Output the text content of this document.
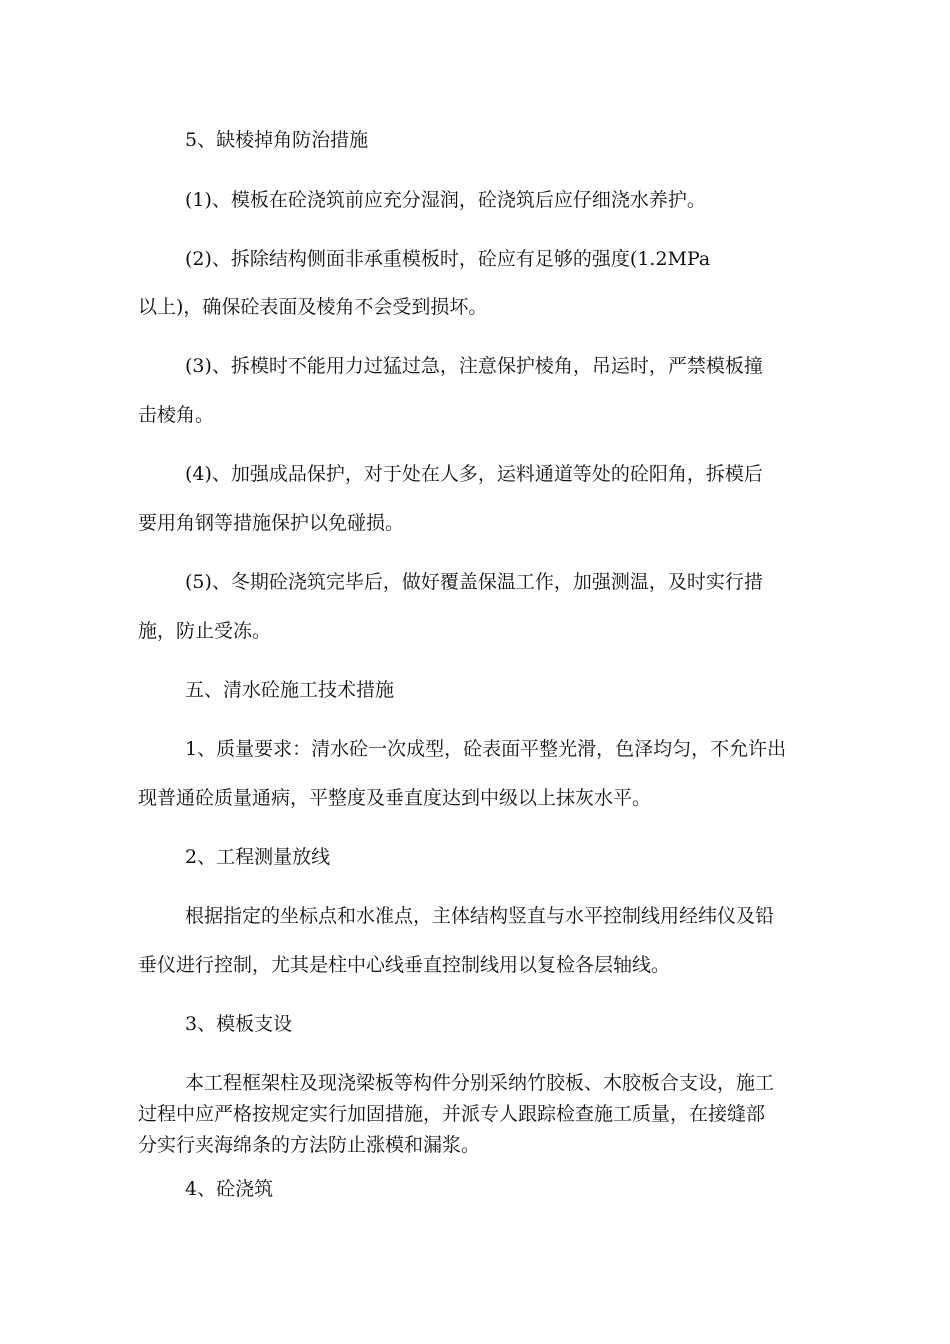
5、缺棱掉角防治措施

(1)、模板在砼浇筑前应充分湿润，砼浇筑后应仔细浇水养护。

(2)、拆除结构侧面非承重模板时，砼应有足够的强度(1.2MPa

以上)，确保砼表面及棱角不会受到损坏。

(3)、拆模时不能用力过猛过急，注意保护棱角，吊运时，严禁模板撞

击棱角。

(4)、加强成品保护，对于处在人多，运料通道等处的砼阳角，拆模后

要用角钢等措施保护以免碰损。

(5)、冬期砼浇筑完毕后，做好覆盖保温工作，加强测温，及时实行措

施，防止受冻。

五、清水砼施工技术措施

1、质量要求：清水砼一次成型，砼表面平整光滑，色泽均匀，不允许出

现普通砼质量通病，平整度及垂直度达到中级以上抹灰水平。

2、工程测量放线

根据指定的坐标点和水准点，主体结构竖直与水平控制线用经纬仪及铅

垂仪进行控制，尤其是柱中心线垂直控制线用以复检各层轴线。

3、模板支设

本工程框架柱及现浇梁板等构件分别采纳竹胶板、木胶板合支设，施工

过程中应严格按规定实行加固措施，并派专人跟踪检查施工质量，在接缝部

分实行夹海绵条的方法防止涨模和漏浆。

4、砼浇筑
